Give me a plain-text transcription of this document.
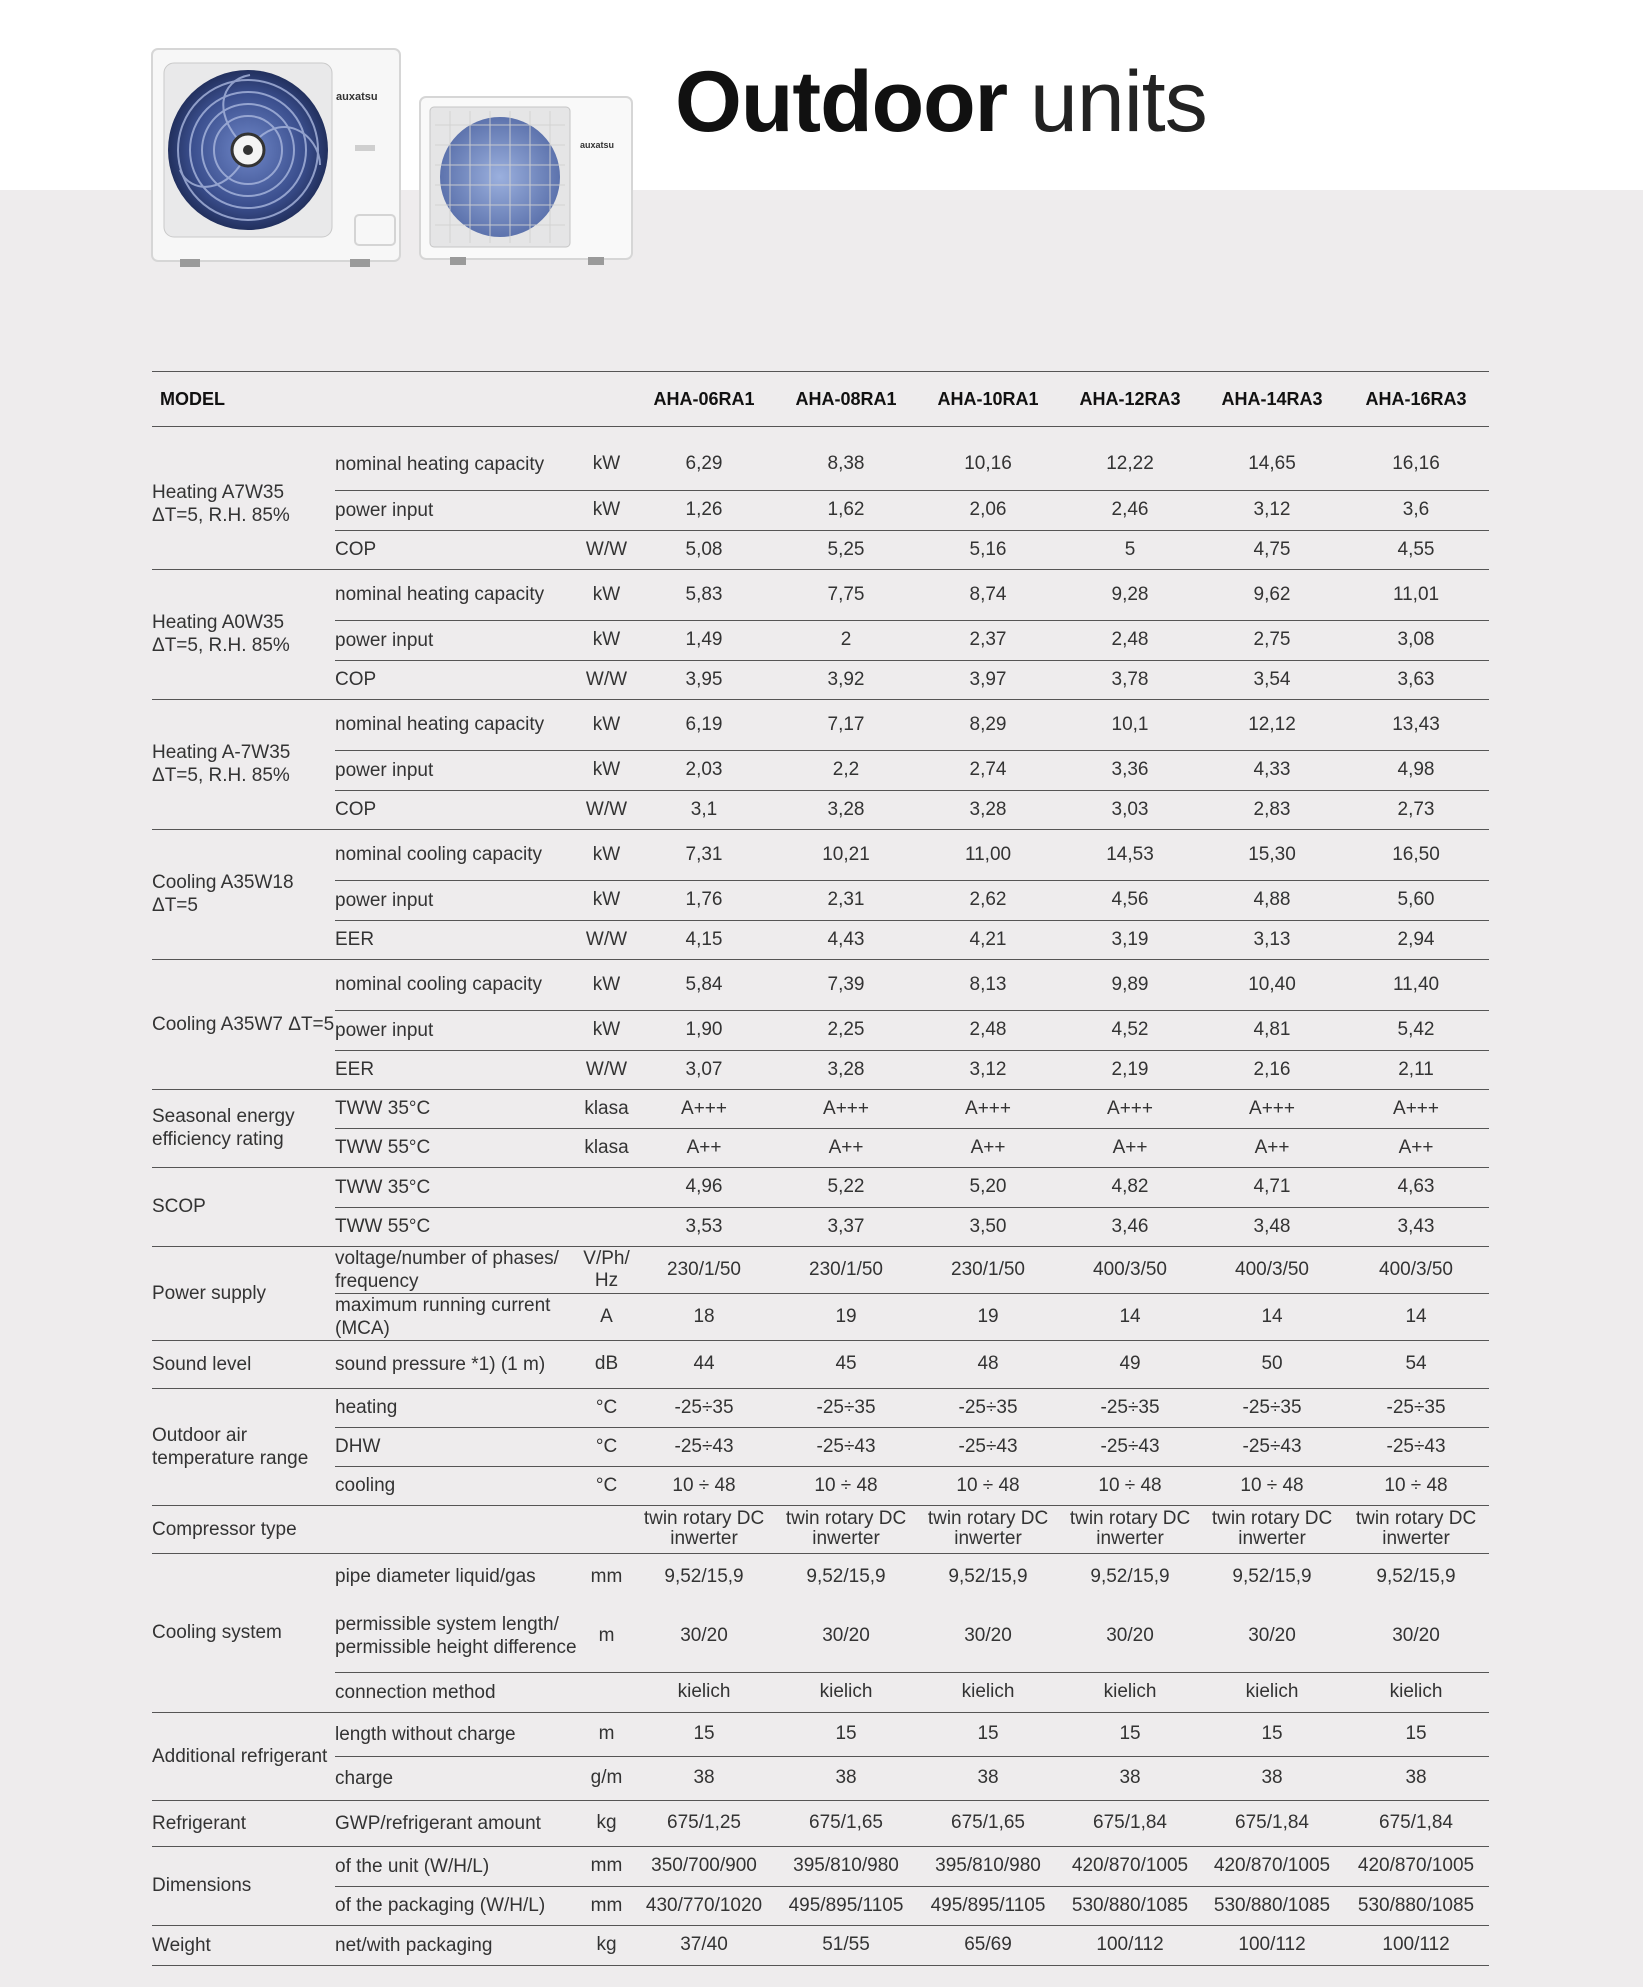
auxatsu
auxatsu Outdoor units
MODEL			AHA-06RA1	AHA-08RA1	AHA-10RA1	AHA-12RA3	AHA-14RA3	AHA-16RA3

Heating A7W35 ΔT=5, R.H. 85%	nominal heating capacity	kW	6,29	8,38	10,16	12,22	14,65	16,16
	power input	kW	1,26	1,62	2,06	2,46	3,12	3,6
	COP	W/W	5,08	5,25	5,16	5	4,75	4,55
Heating A0W35 ΔT=5, R.H. 85%	nominal heating capacity	kW	5,83	7,75	8,74	9,28	9,62	11,01
	power input	kW	1,49	2	2,37	2,48	2,75	3,08
	COP	W/W	3,95	3,92	3,97	3,78	3,54	3,63
Heating A-7W35 ΔT=5, R.H. 85%	nominal heating capacity	kW	6,19	7,17	8,29	10,1	12,12	13,43
	power input	kW	2,03	2,2	2,74	3,36	4,33	4,98
	COP	W/W	3,1	3,28	3,28	3,03	2,83	2,73
Cooling A35W18 ΔT=5	nominal cooling capacity	kW	7,31	10,21	11,00	14,53	15,30	16,50
	power input	kW	1,76	2,31	2,62	4,56	4,88	5,60
	EER	W/W	4,15	4,43	4,21	3,19	3,13	2,94
Cooling A35W7 ΔT=5	nominal cooling capacity	kW	5,84	7,39	8,13	9,89	10,40	11,40
	power input	kW	1,90	2,25	2,48	4,52	4,81	5,42
	EER	W/W	3,07	3,28	3,12	2,19	2,16	2,11
Seasonal energy efficiency rating	TWW 35°C	klasa	A+++	A+++	A+++	A+++	A+++	A+++
	TWW 55°C	klasa	A++	A++	A++	A++	A++	A++
SCOP	TWW 35°C		4,96	5,22	5,20	4,82	4,71	4,63
	TWW 55°C		3,53	3,37	3,50	3,46	3,48	3,43
Power supply	voltage/number of phases/ frequency	V/Ph/ Hz	230/1/50	230/1/50	230/1/50	400/3/50	400/3/50	400/3/50
	maximum running current (MCA)	A	18	19	19	14	14	14
Sound level	sound pressure *1) (1 m)	dB	44	45	48	49	50	54
Outdoor air temperature range	heating	°C	-25÷35	-25÷35	-25÷35	-25÷35	-25÷35	-25÷35
	DHW	°C	-25÷43	-25÷43	-25÷43	-25÷43	-25÷43	-25÷43
	cooling	°C	10 ÷ 48	10 ÷ 48	10 ÷ 48	10 ÷ 48	10 ÷ 48	10 ÷ 48
Compressor type			twin rotary DC inwerter	twin rotary DC inwerter	twin rotary DC inwerter	twin rotary DC inwerter	twin rotary DC inwerter	twin rotary DC inwerter
Cooling system	pipe diameter liquid/gas	mm	9,52/15,9	9,52/15,9	9,52/15,9	9,52/15,9	9,52/15,9	9,52/15,9
	permissible system length/ permissible height difference	m	30/20	30/20	30/20	30/20	30/20	30/20
	connection method		kielich	kielich	kielich	kielich	kielich	kielich
Additional refrigerant	length without charge	m	15	15	15	15	15	15
	charge	g/m	38	38	38	38	38	38
Refrigerant	GWP/refrigerant amount	kg	675/1,25	675/1,65	675/1,65	675/1,84	675/1,84	675/1,84
Dimensions	of the unit (W/H/L)	mm	350/700/900	395/810/980	395/810/980	420/870/1005	420/870/1005	420/870/1005
	of the packaging (W/H/L)	mm	430/770/1020	495/895/1105	495/895/1105	530/880/1085	530/880/1085	530/880/1085
Weight	net/with packaging	kg	37/40	51/55	65/69	100/112	100/112	100/112
